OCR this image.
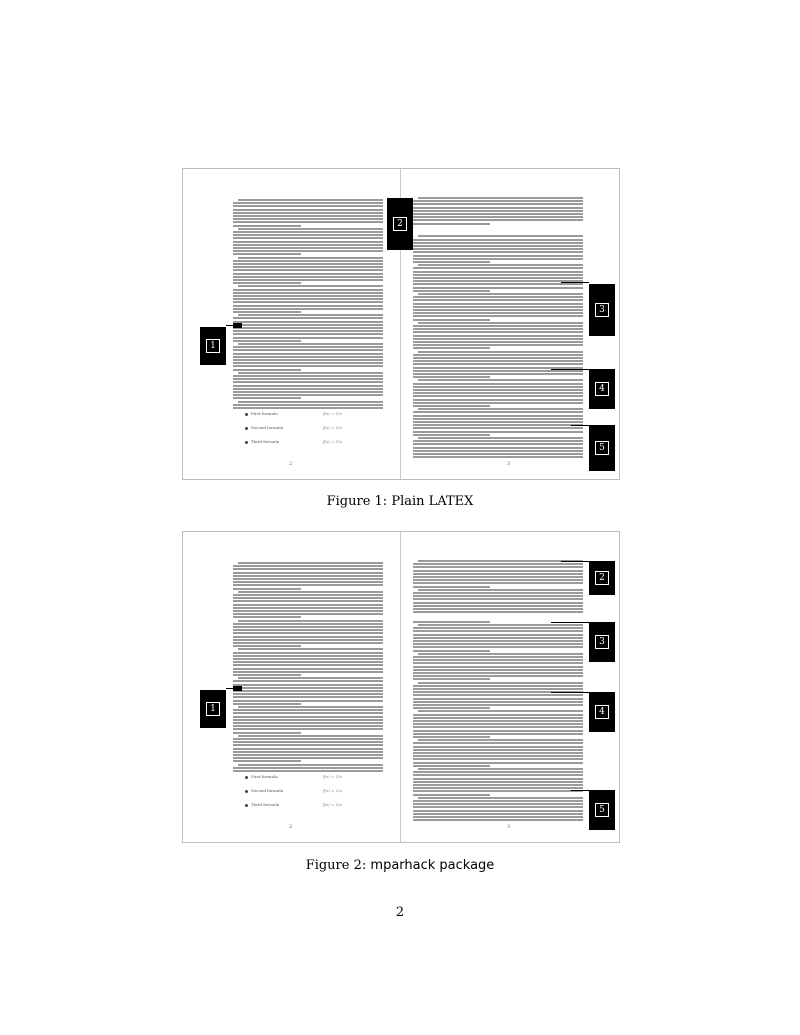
1
First formula
Second formula
Third formula
f(x) = 1/x
f(x) = 1/x
f(x) = 1/x
2
2
3
4
5
3
Figure 1: Plain LATEX
1
First formula
Second formula
Third formula
f(x) = 1/x
f(x) = 1/x
f(x) = 1/x
2
2
3
4
5
3
Figure 2: mparhack package
2
